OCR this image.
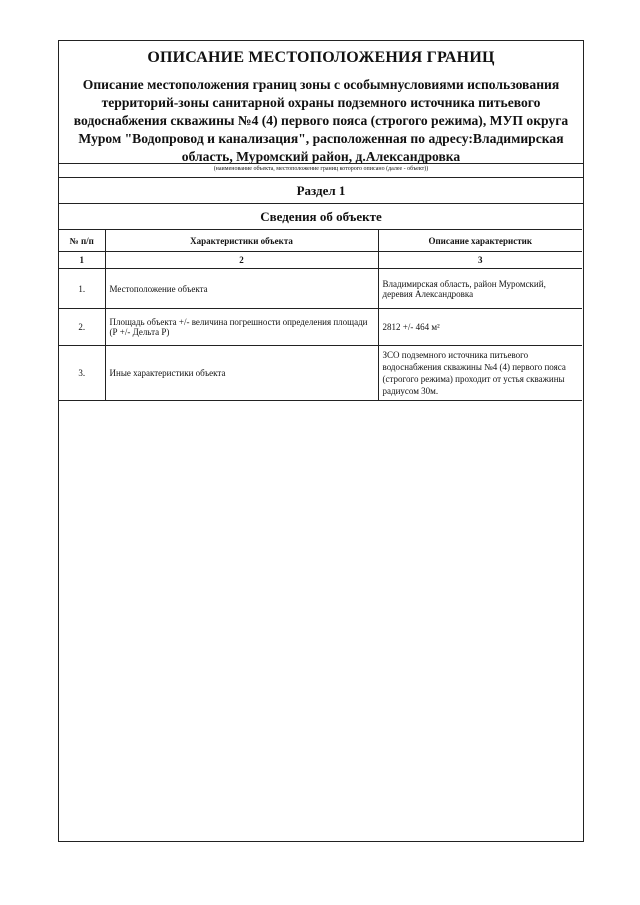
ОПИСАНИЕ МЕСТОПОЛОЖЕНИЯ ГРАНИЦ
Описание местоположения границ зоны с особымнусловиями использования территорий-зоны санитарной охраны подземного источника питьевого водоснабжения скважины №4 (4) первого пояса (строгого режима), МУП округа Муром "Водопровод и канализация", расположенная по адресу:Владимирская область, Муромский район, д.Александровка
(наименование объекта, местоположение границ которого описано (далее - объект))
Раздел 1
Сведения об объекте
№ п/п	Характеристики объекта	Описание характеристик
1	2	3
1.	Местоположение объекта	Владимирская область, район Муромский, деревия Александровка
2.	Площадь объекта +/- величина погрешности определения площади (Р +/- Дельта Р)	2812 +/- 464 м²
3.	Иные характеристики объекта	ЗСО подземного источника питьевого водоснабжения скважины №4 (4) первого пояса (строгого режима) проходит от устья скважины радиусом 30м.
